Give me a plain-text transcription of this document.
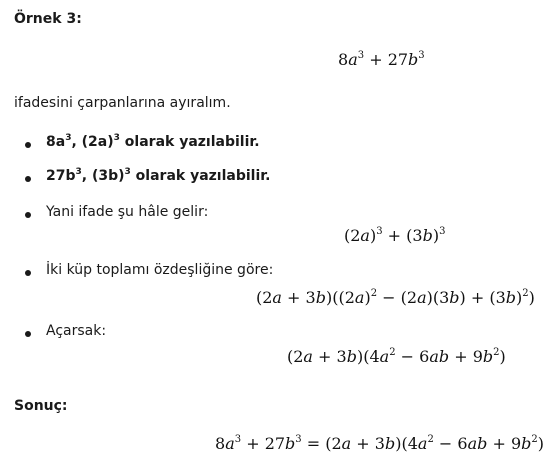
Örnek 3:
$8a^3 + 27b^3$
ifadesini çarpanlarına ayıralım.
$8a^3$, $(2a)^3$ olarak yazılabilir.
$27b^3$, $(3b)^3$ olarak yazılabilir.
Yani ifade şu hâle gelir:
$(2a)^3 + (3b)^3$
İki küp toplamı özdeşliğine göre:
$(2a + 3b)((2a)^2 - (2a)(3b) + (3b)^2)$
Açarsak:
$(2a + 3b)(4a^2 - 6ab + 9b^2)$
Sonuç:
$8a^3 + 27b^3 = (2a + 3b)(4a^2 - 6ab + 9b^2)$
